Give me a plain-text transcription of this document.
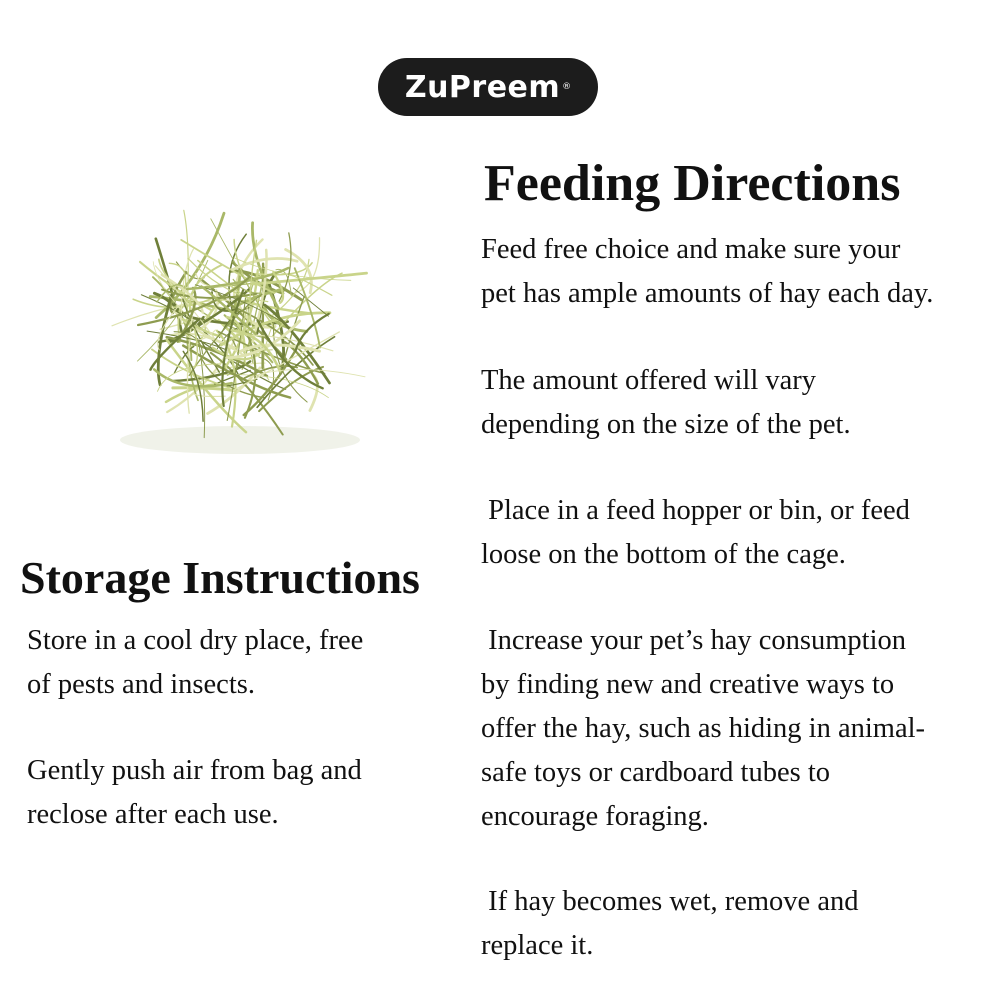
ZuPreem ®
Feeding Directions

Feed free choice and make sure your
pet has ample amounts of hay each day.

The amount offered will vary
depending on the size of the pet.

Place in a feed hopper or bin, or feed
loose on the bottom of the cage.

Increase your pet’s hay consumption
by finding new and creative ways to
offer the hay, such as hiding in animal-
safe toys or cardboard tubes to
encourage foraging.

If hay becomes wet, remove and
replace it.

Storage Instructions

Store in a cool dry place, free
of pests and insects.

Gently push air from bag and
reclose after each use.
